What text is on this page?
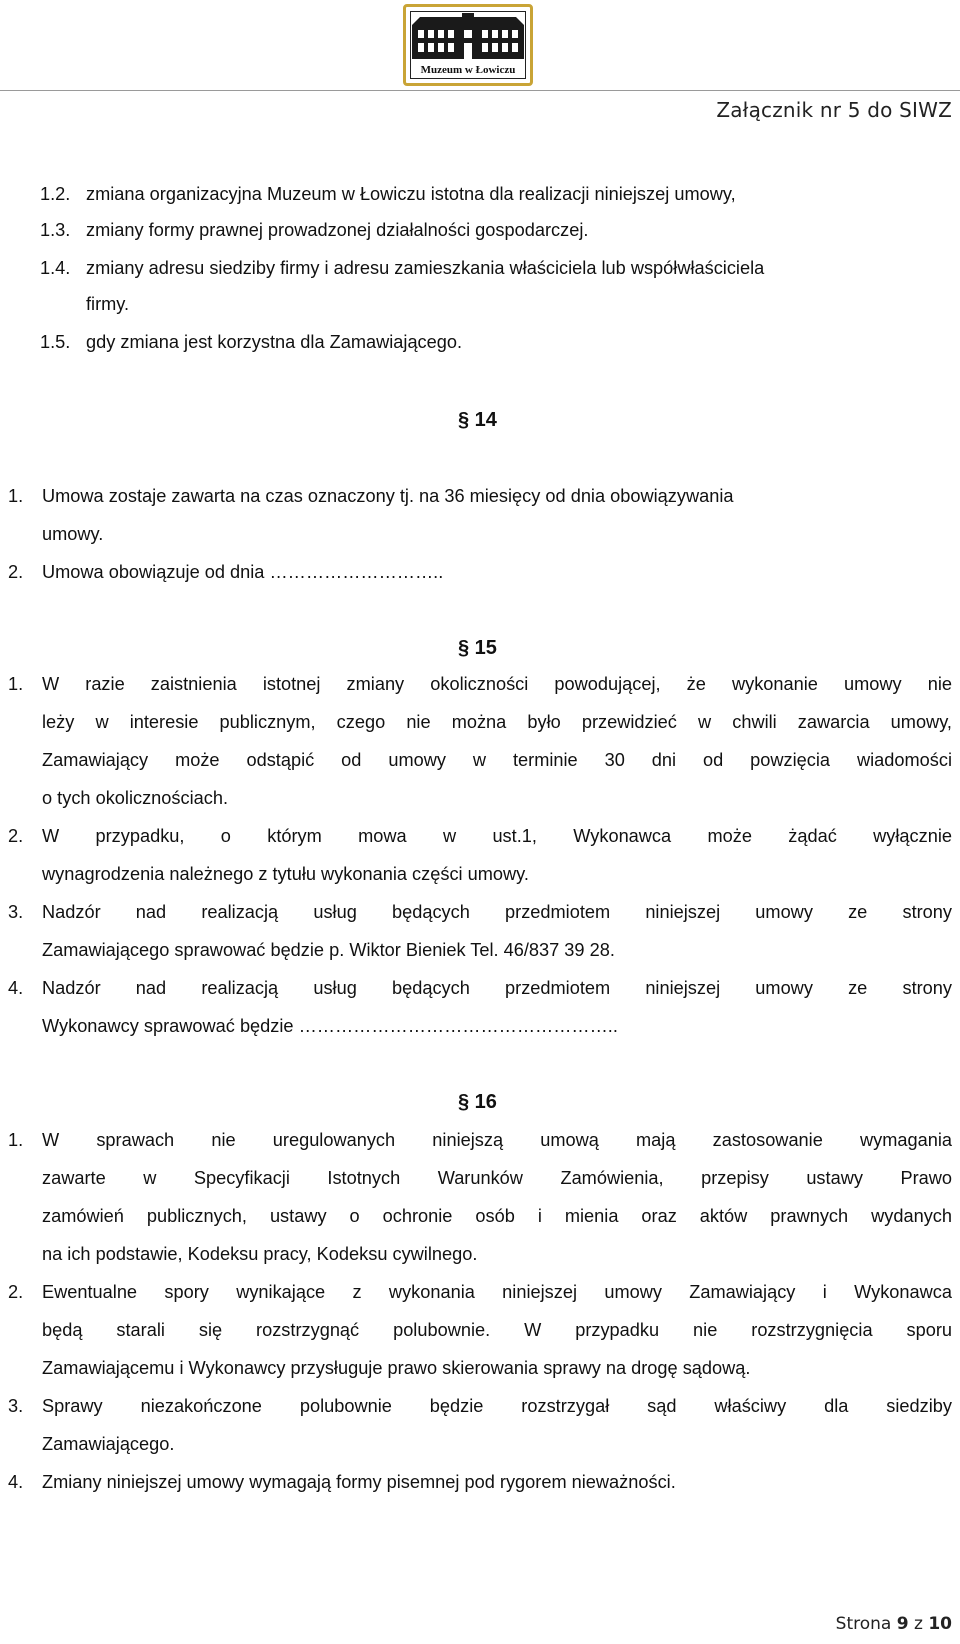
Muzeum w Łowiczu
Załącznik nr 5 do SIWZ
1.2. zmiana organizacyjna Muzeum w Łowiczu istotna dla realizacji niniejszej umowy,
1.3. zmiany formy prawnej prowadzonej działalności gospodarczej.
1.4. zmiany adresu siedziby firmy i adresu zamieszkania właściciela lub współwłaściciela
firmy.
1.5. gdy zmiana jest korzystna dla Zamawiającego.
§ 14
1. Umowa zostaje zawarta na czas oznaczony tj. na 36 miesięcy od dnia obowiązywania
umowy.
2. Umowa obowiązuje od dnia ………………………..
§ 15
1. W razie zaistnienia istotnej zmiany okoliczności powodującej, że wykonanie umowy nie
leży w interesie publicznym, czego nie można było przewidzieć w chwili zawarcia umowy,
Zamawiający może odstąpić od umowy w terminie 30 dni od powzięcia wiadomości
o tych okolicznościach.
2. W przypadku, o którym mowa w ust.1, Wykonawca może żądać wyłącznie
wynagrodzenia należnego z tytułu wykonania części umowy.
3. Nadzór nad realizacją usług będących przedmiotem niniejszej umowy ze strony
Zamawiającego sprawować będzie p. Wiktor Bieniek Tel. 46/837 39 28.
4. Nadzór nad realizacją usług będących przedmiotem niniejszej umowy ze strony
Wykonawcy sprawować będzie ……………………………………………..
§ 16
1. W sprawach nie uregulowanych niniejszą umową mają zastosowanie wymagania
zawarte w Specyfikacji Istotnych Warunków Zamówienia, przepisy ustawy Prawo
zamówień publicznych, ustawy o ochronie osób i mienia oraz aktów prawnych wydanych
na ich podstawie, Kodeksu pracy, Kodeksu cywilnego.
2. Ewentualne spory wynikające z wykonania niniejszej umowy Zamawiający i Wykonawca
będą starali się rozstrzygnąć polubownie. W przypadku nie rozstrzygnięcia sporu
Zamawiającemu i Wykonawcy przysługuje prawo skierowania sprawy na drogę sądową.
3. Sprawy niezakończone polubownie będzie rozstrzygał sąd właściwy dla siedziby
Zamawiającego.
4. Zmiany niniejszej umowy wymagają formy pisemnej pod rygorem nieważności.
Strona 9 z 10
